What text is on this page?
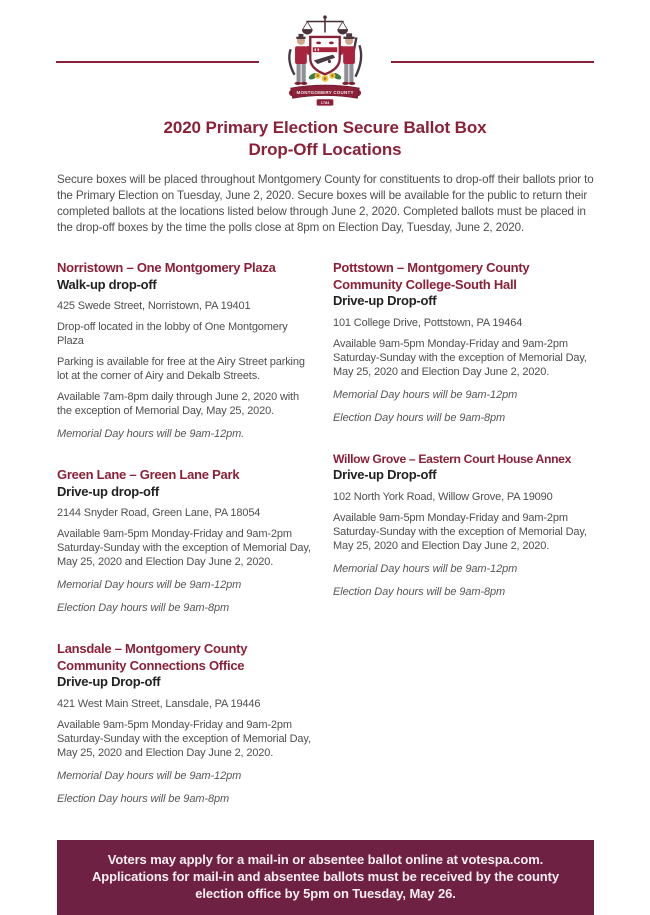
MONTGOMERY COUNTY
1784
2020 Primary Election Secure Ballot Box
Drop-Off Locations

Secure boxes will be placed throughout Montgomery County for constituents to drop-off their ballots prior to the Primary Election on Tuesday, June 2, 2020. Secure boxes will be available for the public to return their completed ballots at the locations listed below through June 2, 2020. Completed ballots must be placed in the drop-off boxes by the time the polls close at 8pm on Election Day, Tuesday, June 2, 2020.

Norristown – One Montgomery Plaza
Walk-up drop-off

425 Swede Street, Norristown, PA 19401

Drop-off located in the lobby of One Montgomery Plaza

Parking is available for free at the Airy Street parking lot at the corner of Airy and Dekalb Streets.

Available 7am-8pm daily through June 2, 2020 with the exception of Memorial Day, May 25, 2020.

Memorial Day hours will be 9am-12pm.

Green Lane – Green Lane Park
Drive-up drop-off

2144 Snyder Road, Green Lane, PA 18054

Available 9am-5pm Monday-Friday and 9am-2pm Saturday-Sunday with the exception of Memorial Day, May 25, 2020 and Election Day June 2, 2020.

Memorial Day hours will be 9am-12pm

Election Day hours will be 9am-8pm

Lansdale – Montgomery County Community Connections Office
Drive-up Drop-off

421 West Main Street, Lansdale, PA 19446

Available 9am-5pm Monday-Friday and 9am-2pm Saturday-Sunday with the exception of Memorial Day, May 25, 2020 and Election Day June 2, 2020.

Memorial Day hours will be 9am-12pm

Election Day hours will be 9am-8pm

Pottstown – Montgomery County Community College-South Hall
Drive-up Drop-off

101 College Drive, Pottstown, PA 19464

Available 9am-5pm Monday-Friday and 9am-2pm Saturday-Sunday with the exception of Memorial Day, May 25, 2020 and Election Day June 2, 2020.

Memorial Day hours will be 9am-12pm

Election Day hours will be 9am-8pm

Willow Grove – Eastern Court House Annex
Drive-up Drop-off

102 North York Road, Willow Grove, PA 19090

Available 9am-5pm Monday-Friday and 9am-2pm Saturday-Sunday with the exception of Memorial Day, May 25, 2020 and Election Day June 2, 2020.

Memorial Day hours will be 9am-12pm

Election Day hours will be 9am-8pm

Voters may apply for a mail-in or absentee ballot online at votespa.com.
Applications for mail-in and absentee ballots must be received by the county election office by 5pm on Tuesday, May 26.
